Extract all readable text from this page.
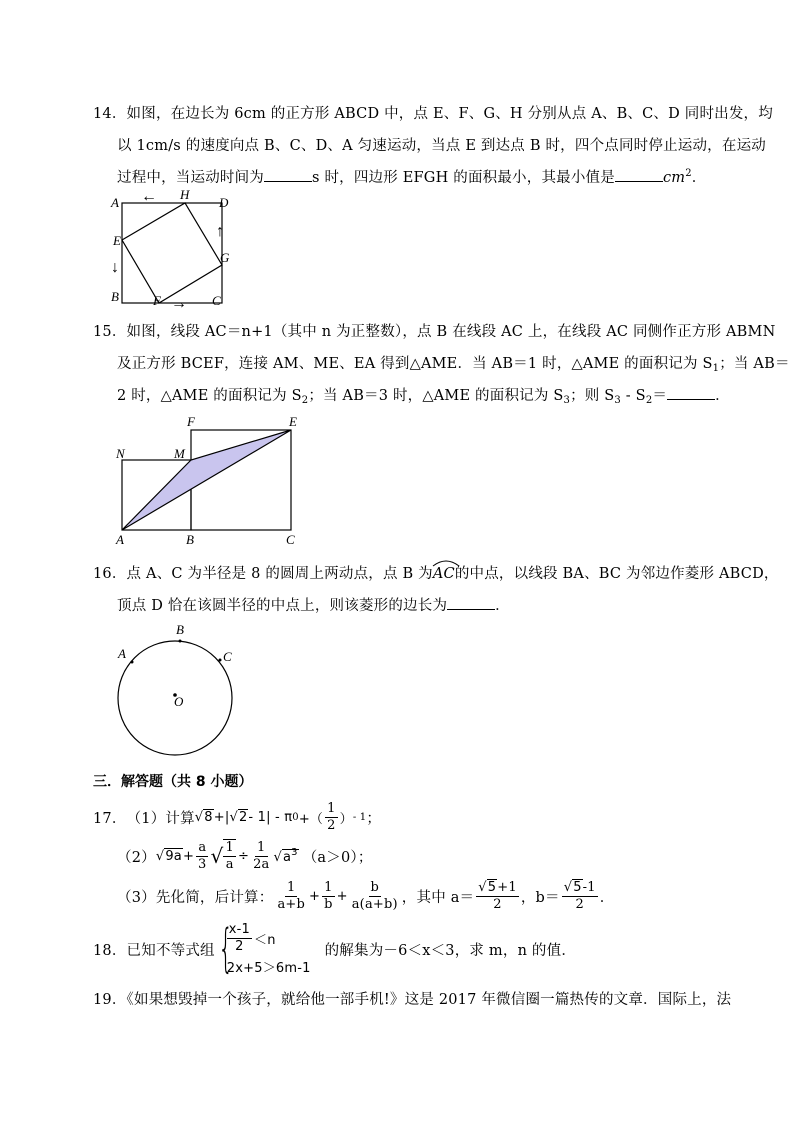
14．如图，在边长为 6cm 的正方形 ABCD 中，点 E、F、G、H 分别从点 A、B、C、D 同时出发，均
以 1cm/s 的速度向点 B、C、D、A 匀速运动，当点 E 到达点 B 时，四个点同时停止运动，在运动
过程中，当运动时间为	s 时，四边形 EFGH 的面积最小，其最小值是	$cm^2$．
A	D
B	C
E
H
G
F
←
→
↓
↑
15．如图，线段 AC＝n+1（其中 n 为正整数），点 B 在线段 AC 上，在线段 AC 同侧作正方形 ABMN
及正方形 BCEF，连接 AM、ME、EA 得到△AME．当 AB＝1 时，△AME 的面积记为 $S_1$；当 AB＝
2 时，△AME 的面积记为 $S_2$；当 AB＝3 时，△AME 的面积记为 $S_3$；则 $S_3 - S_2=$	．
N	M
F	E
A	B	C
16．点 A、C 为半径是 8 的圆周上两动点，点 B 为
AC的中点，以线段 BA、BC 为邻边作菱形 ABCD，
顶点 D 恰在该圆半径的中点上，则该菱形的边长为	．
B
A	C
O
三．解答题（共 8 小题）
17． （1）计算 √8 +| √2 - 1| - π 0 +（ $\frac{1}{2}$ ） - 1 ；
（2） $√9a + \frac{a}{3}$ √ $\frac{1}{a} \div \frac{1}{2a} √a^3$ （a＞0）；
（3）先化简，后计算： $\frac{1}{a+b} + \frac{1}{b} + \frac{b}{a(a+b)}$ ，其中 $a= \frac{√5+1}{2}$ ，$b= \frac{√5-1}{2}$ ．
18．已知不等式组 {
$\frac{x-1}{2} <n$
2x+5＞6m-1
的解集为－6＜x＜3，求 m，n 的值．
19．《如果想毁掉一个孩子，就给他一部手机!》这是 2017 年微信圈一篇热传的文章．国际上，法
